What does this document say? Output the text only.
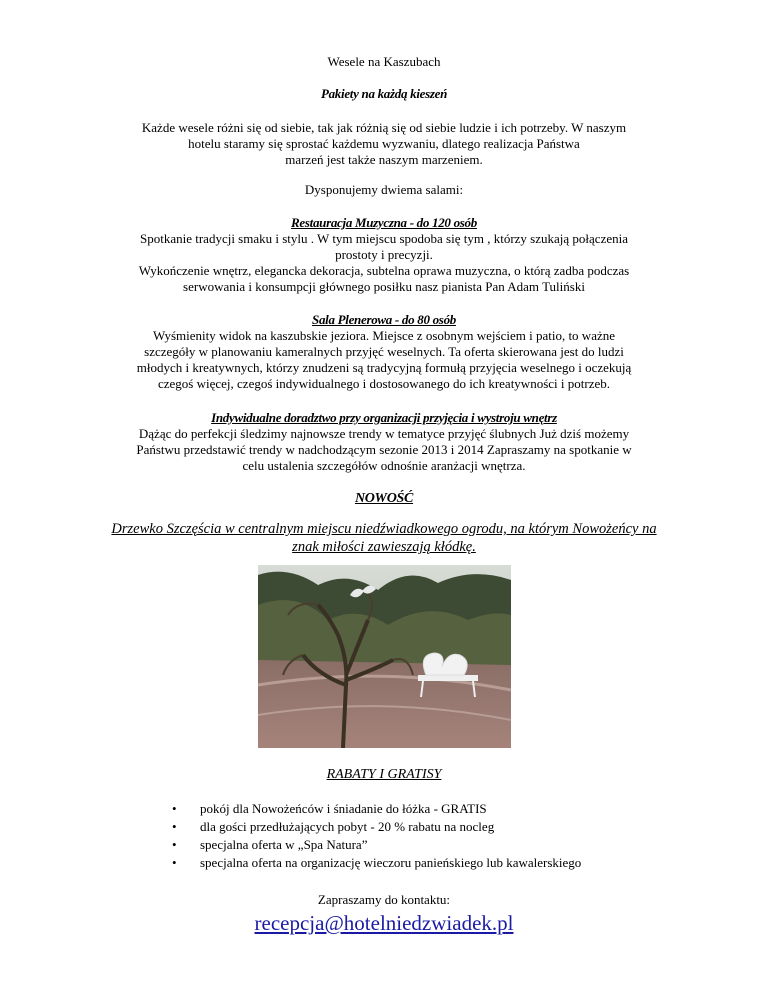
Wesele na Kaszubach
Pakiety na każdą kieszeń

Każde wesele różni się od siebie, tak jak różnią się od siebie ludzie i ich potrzeby. W naszym

hotelu staramy się sprostać każdemu wyzwaniu, dlatego realizacja Państwa

marzeń jest także naszym marzeniem.

Dysponujemy dwiema salami:

Restauracja Muzyczna - do 120 osób

Spotkanie tradycji smaku i stylu . W tym miejscu spodoba się tym , którzy szukają połączenia

prostoty i precyzji.

Wykończenie wnętrz, elegancka dekoracja, subtelna oprawa muzyczna, o którą zadba podczas

serwowania i konsumpcji głównego posiłku nasz pianista Pan Adam Tuliński

Sala Plenerowa - do 80 osób

Wyśmienity widok na kaszubskie jeziora. Miejsce z osobnym wejściem i patio, to ważne

szczegóły w planowaniu kameralnych przyjęć weselnych. Ta oferta skierowana jest do ludzi

młodych i kreatywnych, którzy znudzeni są tradycyjną formułą przyjęcia weselnego i oczekują

czegoś więcej, czegoś indywidualnego i dostosowanego do ich kreatywności i potrzeb.

Indywidualne doradztwo przy organizacji przyjęcia i wystroju wnętrz

Dążąc do perfekcji śledzimy najnowsze trendy w tematyce przyjęć ślubnych Już dziś możemy

Państwu przedstawić trendy w nadchodzącym sezonie 2013 i 2014 Zapraszamy na spotkanie w

celu ustalenia szczegółów odnośnie aranżacji wnętrza.

NOWOŚĆ

Drzewko Szczęścia w centralnym miejscu niedźwiadkowego ogrodu, na którym Nowożeńcy na

znak miłości zawieszają kłódkę.

RABATY I GRATISY
• pokój dla Nowożeńców i śniadanie do łóżka - GRATIS
• dla gości przedłużających pobyt - 20 % rabatu na nocleg
• specjalna oferta w „Spa Natura”
• specjalna oferta na organizację wieczoru panieńskiego lub kawalerskiego
Zapraszamy do kontaktu:
recepcja@hotelniedzwiadek.pl
